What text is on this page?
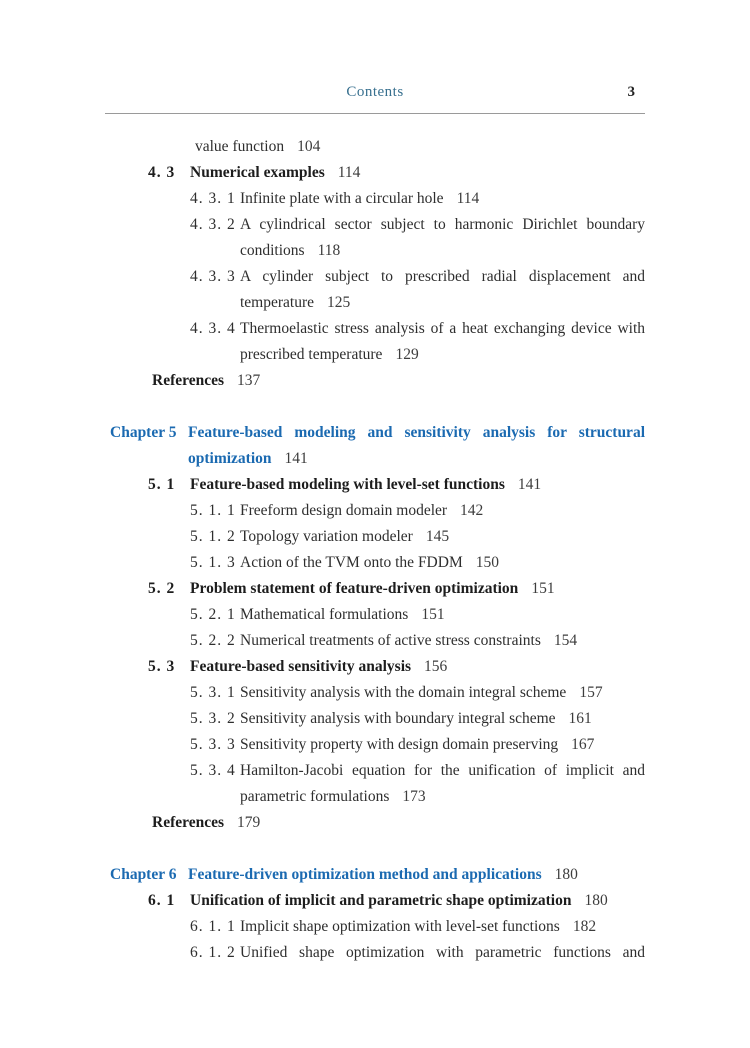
Contents	3
value function 104
4. 3 Numerical examples 114
4. 3. 1 Infinite plate with a circular hole 114
4. 3. 2 A cylindrical sector subject to harmonic Dirichlet boundary conditions 118
4. 3. 3 A cylinder subject to prescribed radial displacement and temperature 125
4. 3. 4 Thermoelastic stress analysis of a heat exchanging device with prescribed temperature 129
References 137
Chapter 5 Feature-based modeling and sensitivity analysis for structural optimization 141
5. 1 Feature-based modeling with level-set functions 141
5. 1. 1 Freeform design domain modeler 142
5. 1. 2 Topology variation modeler 145
5. 1. 3 Action of the TVM onto the FDDM 150
5. 2 Problem statement of feature-driven optimization 151
5. 2. 1 Mathematical formulations 151
5. 2. 2 Numerical treatments of active stress constraints 154
5. 3 Feature-based sensitivity analysis 156
5. 3. 1 Sensitivity analysis with the domain integral scheme 157
5. 3. 2 Sensitivity analysis with boundary integral scheme 161
5. 3. 3 Sensitivity property with design domain preserving 167
5. 3. 4 Hamilton-Jacobi equation for the unification of implicit and parametric formulations 173
References 179
Chapter 6 Feature-driven optimization method and applications 180
6. 1 Unification of implicit and parametric shape optimization 180
6. 1. 1 Implicit shape optimization with level-set functions 182
6. 1. 2 Unified shape optimization with parametric functions and
